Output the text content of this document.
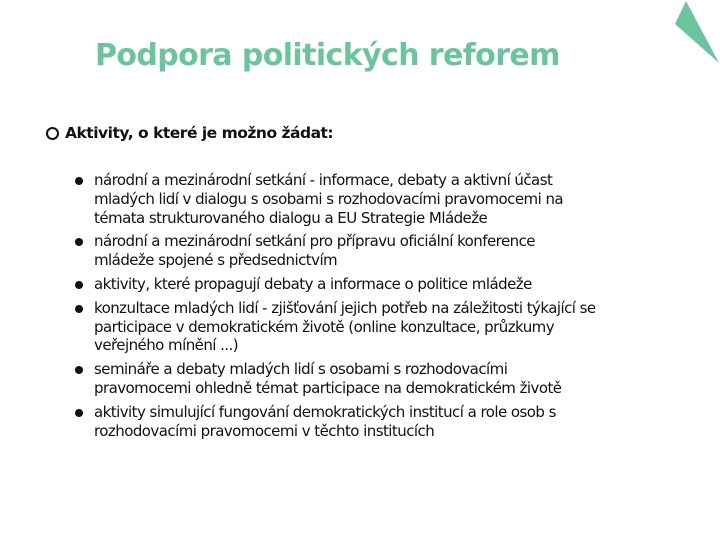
Podpora politických reforem
Aktivity, o které je možno žádat:
národní a mezinárodní setkání - informace, debaty a aktivní účast
mladých lidí v dialogu s osobami s rozhodovacími pravomocemi na
témata strukturovaného dialogu a EU Strategie Mládeže
národní a mezinárodní setkání pro přípravu oficiální konference
mládeže spojené s předsednictvím
aktivity, které propagují debaty a informace o politice mládeže
konzultace mladých lidí - zjišťování jejich potřeb na záležitosti týkající se
participace v demokratickém životě (online konzultace, průzkumy
veřejného mínění ...)
semináře a debaty mladých lidí s osobami s rozhodovacími
pravomocemi ohledně témat participace na demokratickém životě
aktivity simulující fungování demokratických institucí a role osob s
rozhodovacími pravomocemi v těchto institucích
